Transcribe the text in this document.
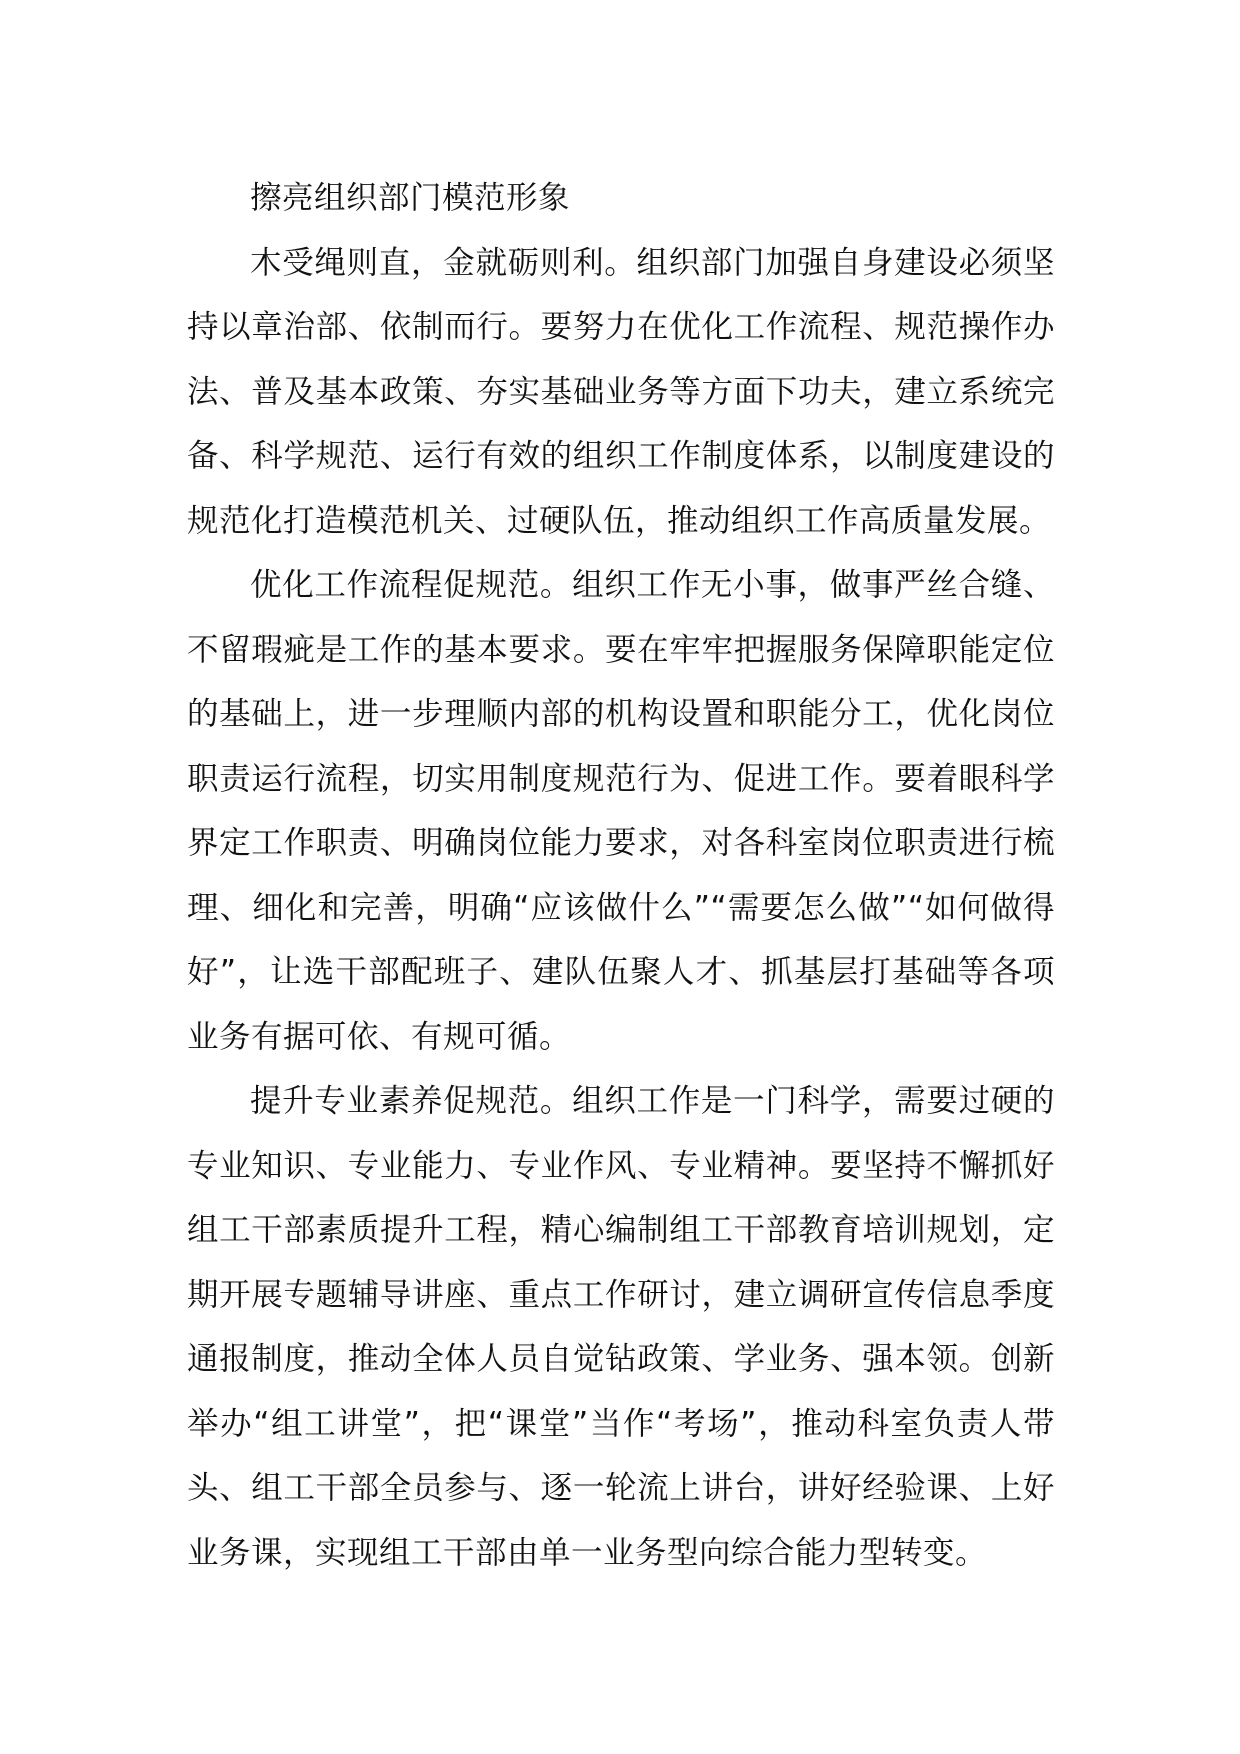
擦亮组织部门模范形象

木受绳则直，金就砺则利。组织部门加强自身建设必须坚持以章治部、依制而行。要努力在优化工作流程、规范操作办法、普及基本政策、夯实基础业务等方面下功夫，建立系统完备、科学规范、运行有效的组织工作制度体系，以制度建设的规范化打造模范机关、过硬队伍，推动组织工作高质量发展。

优化工作流程促规范。组织工作无小事，做事严丝合缝、不留瑕疵是工作的基本要求。要在牢牢把握服务保障职能定位的基础上，进一步理顺内部的机构设置和职能分工，优化岗位职责运行流程，切实用制度规范行为、促进工作。要着眼科学界定工作职责、明确岗位能力要求，对各科室岗位职责进行梳理、细化和完善，明确“应该做什么”“需要怎么做”“如何做得好”，让选干部配班子、建队伍聚人才、抓基层打基础等各项业务有据可依、有规可循。

提升专业素养促规范。组织工作是一门科学，需要过硬的专业知识、专业能力、专业作风、专业精神。要坚持不懈抓好组工干部素质提升工程，精心编制组工干部教育培训规划，定期开展专题辅导讲座、重点工作研讨，建立调研宣传信息季度通报制度，推动全体人员自觉钻政策、学业务、强本领。创新举办“组工讲堂”，把“课堂”当作“考场”，推动科室负责人带头、组工干部全员参与、逐一轮流上讲台，讲好经验课、上好业务课，实现组工干部由单一业务型向综合能力型转变。
